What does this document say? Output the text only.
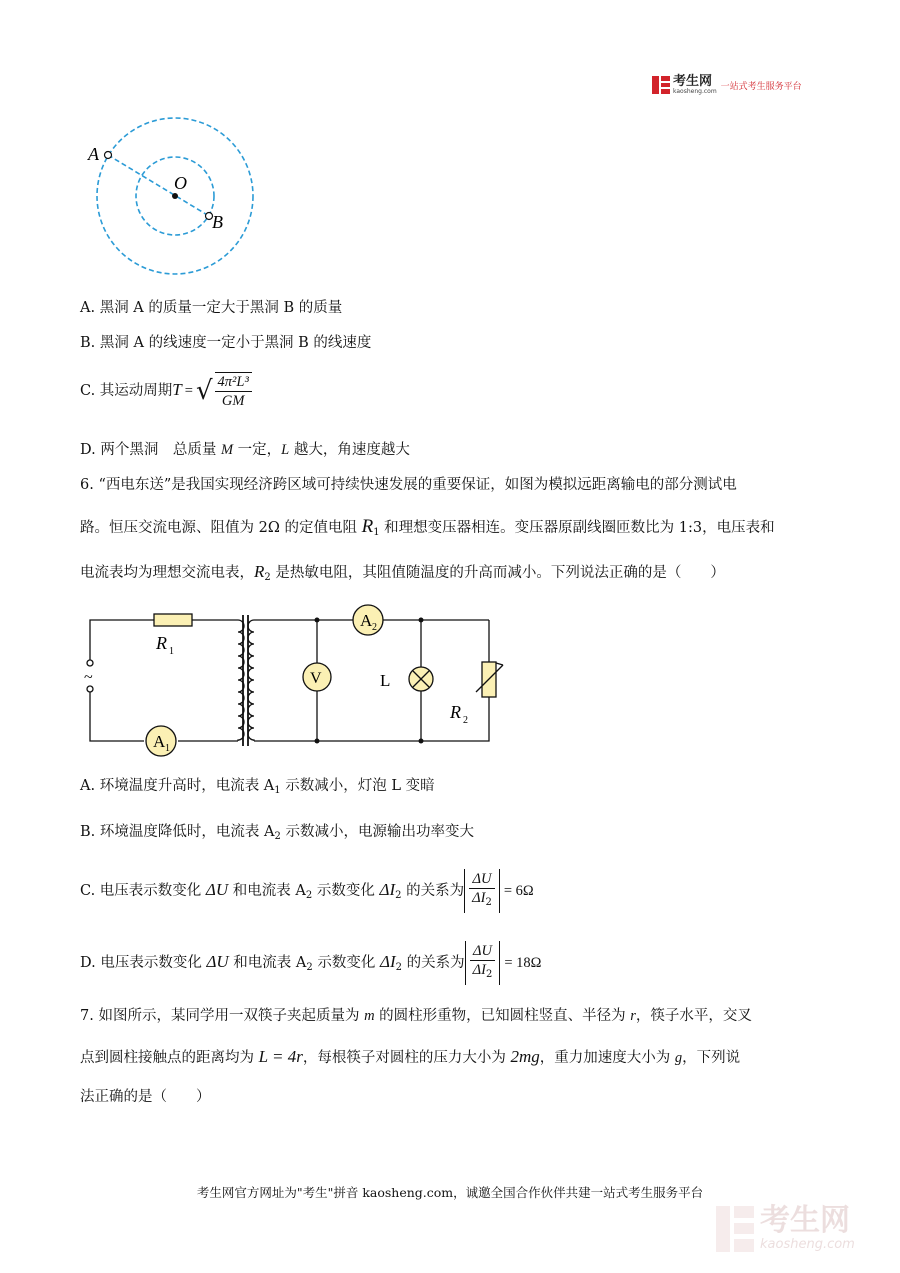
考生网
kaosheng.com 一站式考生服务平台
A
O
B
A. 黑洞 A 的质量一定大于黑洞 B 的质量
B. 黑洞 A 的线速度一定小于黑洞 B 的线速度
C. 其运动周期T = √ $\frac{\text{4π²L³}}{GM}$
D. 两个黑洞　总质量 M 一定，L 越大，角速度越大
6. “西电东送”是我国实现经济跨区域可持续快速发展的重要保证，如图为模拟远距离输电的部分测试电
路。恒压交流电源、阻值为 2Ω 的定值电阻 $R_1$ 和理想变压器相连。变压器原副线圈匝数比为 1:3，电压表和
电流表均为理想交流电表，$R_2$ 是热敏电阻，其阻值随温度的升高而减小。下列说法正确的是（　　）
A 2
A 1
V	L
R 1
R 2
~
A. 环境温度升高时，电流表 $A_1$ 示数减小，灯泡 L 变暗
B. 环境温度降低时，电流表 $A_2$ 示数减小，电源输出功率变大
C. 电压表示数变化 ΔU 和电流表 $A_2$ 示数变化 $\Delta I_2$ 的关系为 $\frac{\Delta U}{\Delta I_2} = 6\Omega$
D. 电压表示数变化 ΔU 和电流表 $A_2$ 示数变化 $\Delta I_2$ 的关系为 $\frac{\Delta U}{\Delta I_2} = 18\Omega$
7. 如图所示，某同学用一双筷子夹起质量为 m 的圆柱形重物，已知圆柱竖直、半径为 r，筷子水平，交叉
点到圆柱接触点的距离均为 L = 4r，每根筷子对圆柱的压力大小为 2mg，重力加速度大小为 g，下列说
法正确的是（　　）
考生网官方网址为"考生"拼音 kaosheng.com，诚邀全国合作伙伴共建一站式考生服务平台
考生网
kaosheng.com
